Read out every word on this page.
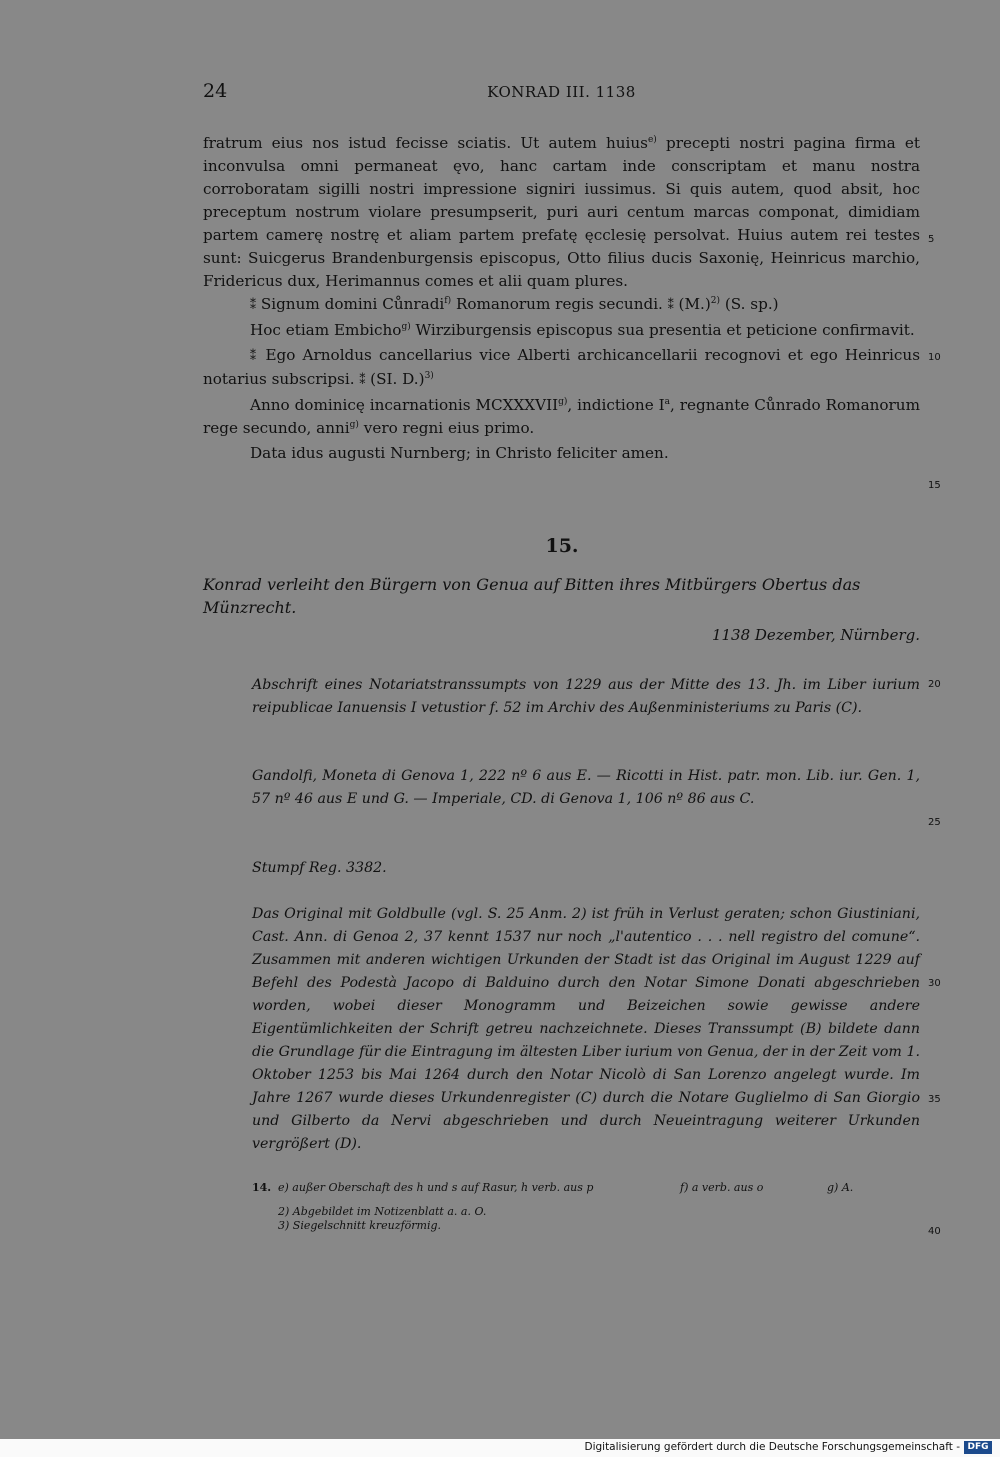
24	KONRAD III. 1138

fratrum eius nos istud fecisse sciatis. Ut autem huius$^{e)}$ precepti nostri pagina firma et inconvulsa omni permaneat ęvo, hanc cartam inde conscriptam et manu nostra corroboratam sigilli nostri impressione signiri iussimus. Si quis autem, quod absit, hoc preceptum nostrum violare presumpserit, puri auri centum marcas componat, dimidiam partem camerę nostrę et aliam partem prefatę ęcclesię persolvat. Huius autem rei testes sunt: Suicgerus Brandenburgensis episcopus, Otto filius ducis Saxonię, Heinricus marchio, Fridericus dux, Herimannus comes et alii quam plures.

⁑ Signum domini Cůnradi$^{f)}$ Romanorum regis secundi. ⁑ $(M.)^{2)}$ (S. sp.)

Hoc etiam Embicho$^{g)}$ Wirziburgensis episcopus sua presentia et peticione confirmavit.

⁑ Ego Arnoldus cancellarius vice Alberti archicancellarii recognovi et ego Heinricus notarius subscripsi. ⁑ (SI. D.)$^{3)}$

Anno dominicę incarnationis MCXXXVII$^{g)}$, indictione $I^a$, regnante Cůnrado Romanorum rege secundo, anni$^{g)}$ vero regni eius primo.

Data idus augusti Nurnberg; in Christo feliciter amen.

5
10
15
20
25
30
35
40
15.
Konrad verleiht den Bürgern von Genua auf Bitten ihres Mitbürgers Obertus das Münzrecht.
1138 Dezember, Nürnberg.

Abschrift eines Notariatstranssumpts von 1229 aus der Mitte des 13. Jh. im Liber iurium reipublicae Ianuensis I vetustior f. 52 im Archiv des Außenministeriums zu Paris (C).

Gandolfi, Moneta di Genova 1, 222 nº 6 aus E. — Ricotti in Hist. patr. mon. Lib. iur. Gen. 1, 57 nº 46 aus E und G. — Imperiale, CD. di Genova 1, 106 nº 86 aus C.

Stumpf Reg. 3382.

Das Original mit Goldbulle (vgl. S. 25 Anm. 2) ist früh in Verlust geraten; schon Giustiniani, Cast. Ann. di Genoa 2, 37 kennt 1537 nur noch „l'autentico . . . nell registro del comune“. Zusammen mit anderen wichtigen Urkunden der Stadt ist das Original im August 1229 auf Befehl des Podestà Jacopo di Balduino durch den Notar Simone Donati abgeschrieben worden, wobei dieser Monogramm und Beizeichen sowie gewisse andere Eigentümlichkeiten der Schrift getreu nachzeichnete. Dieses Transsumpt (B) bildete dann die Grundlage für die Eintragung im ältesten Liber iurium von Genua, der in der Zeit vom 1. Oktober 1253 bis Mai 1264 durch den Notar Nicolò di San Lorenzo angelegt wurde. Im Jahre 1267 wurde dieses Urkundenregister (C) durch die Notare Guglielmo di San Giorgio und Gilberto da Nervi abgeschrieben und durch Neueintragung weiterer Urkunden vergrößert (D).

14. e) außer Oberschaft des h und s auf Rasur, h verb. aus p	f) a verb. aus o	g) A.
2) Abgebildet im Notizenblatt a. a. O.
3) Siegelschnitt kreuzförmig.
Digitalisierung gefördert durch die Deutsche Forschungsgemeinschaft - DFG
